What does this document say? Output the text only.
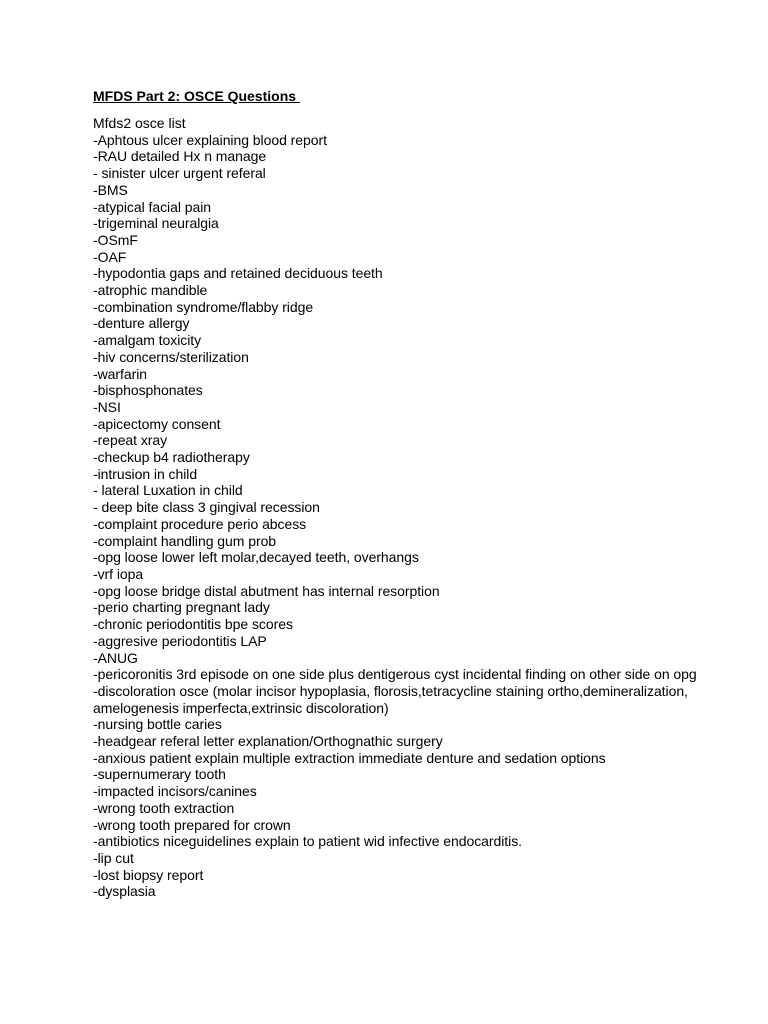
MFDS Part 2: OSCE Questions
Mfds2 osce list
-Aphtous ulcer explaining blood report
-RAU detailed Hx n manage
- sinister ulcer urgent referal
-BMS
-atypical facial pain
-trigeminal neuralgia
-OSmF
-OAF
-hypodontia gaps and retained deciduous teeth
-atrophic mandible
-combination syndrome/flabby ridge
-denture allergy
-amalgam toxicity
-hiv concerns/sterilization
-warfarin
-bisphosphonates
-NSI
-apicectomy consent
-repeat xray
-checkup b4 radiotherapy
-intrusion in child
- lateral Luxation in child
- deep bite class 3 gingival recession
-complaint procedure perio abcess
-complaint handling gum prob
-opg loose lower left molar,decayed teeth, overhangs
-vrf iopa
-opg loose bridge distal abutment has internal resorption
-perio charting pregnant lady
-chronic periodontitis bpe scores
-aggresive periodontitis LAP
-ANUG
-pericoronitis 3rd episode on one side plus dentigerous cyst incidental finding on other side on opg
-discoloration osce (molar incisor hypoplasia, florosis,tetracycline staining ortho,demineralization, amelogenesis imperfecta,extrinsic discoloration)
-nursing bottle caries
-headgear referal letter explanation/Orthognathic surgery
-anxious patient explain multiple extraction immediate denture and sedation options
-supernumerary tooth
-impacted incisors/canines
-wrong tooth extraction
-wrong tooth prepared for crown
-antibiotics niceguidelines explain to patient wid infective endocarditis.
-lip cut
-lost biopsy report
-dysplasia
